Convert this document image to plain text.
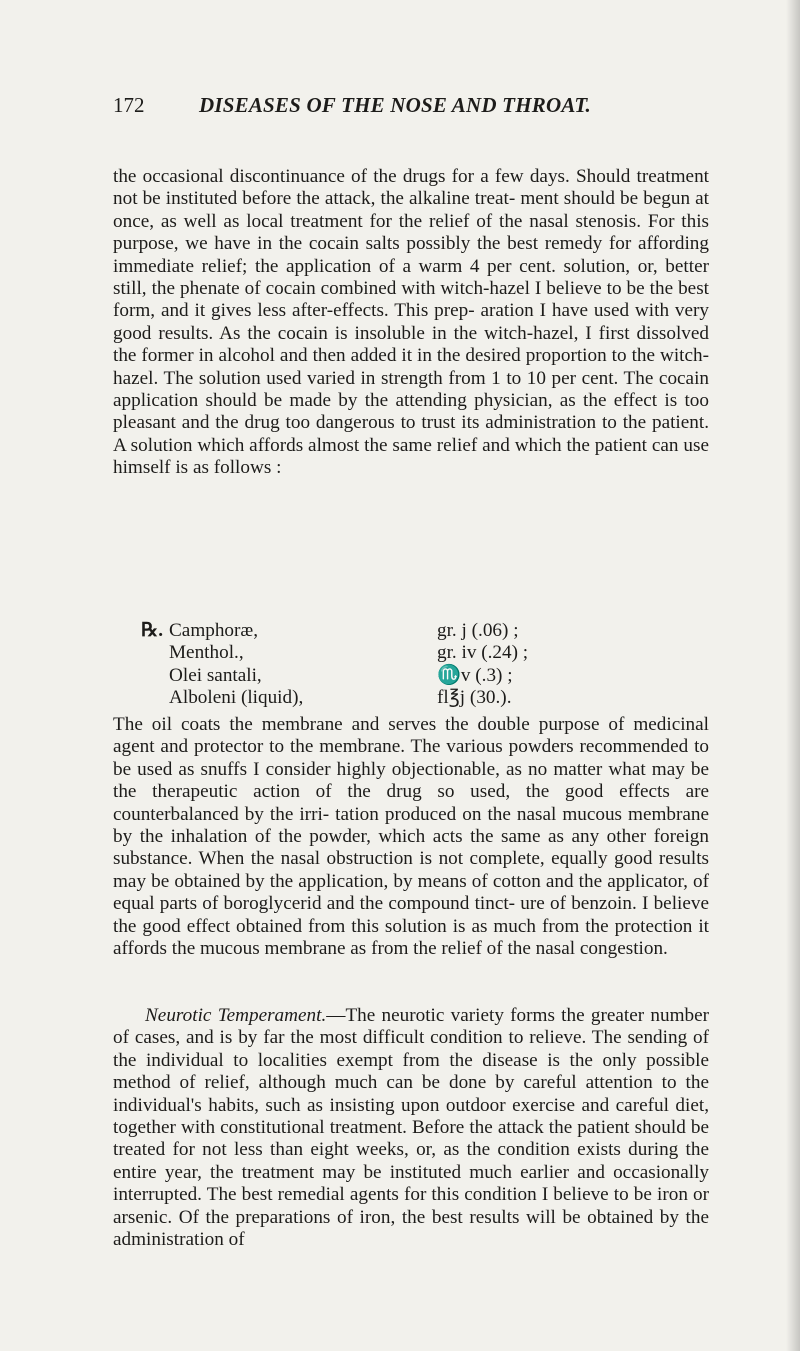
172	DISEASES OF THE NOSE AND THROAT.

the occasional discontinuance of the drugs for a few days. Should treatment not be instituted before the attack, the alkaline treat- ment should be begun at once, as well as local treatment for the relief of the nasal stenosis. For this purpose, we have in the cocain salts possibly the best remedy for affording immediate relief; the application of a warm 4 per cent. solution, or, better still, the phenate of cocain combined with witch-hazel I believe to be the best form, and it gives less after-effects. This prep- aration I have used with very good results. As the cocain is insoluble in the witch-hazel, I first dissolved the former in alcohol and then added it in the desired proportion to the witch-hazel. The solution used varied in strength from 1 to 10 per cent. The cocain application should be made by the attending physician, as the effect is too pleasant and the drug too dangerous to trust its administration to the patient. A solution which affords almost the same relief and which the patient can use himself is as follows :

℞. Camphoræ,	gr. j (.06) ;
Menthol.,	gr. iv (.24) ;
Olei santali,	♏v (.3) ;
Alboleni (liquid),	fl℥j (30.).

The oil coats the membrane and serves the double purpose of medicinal agent and protector to the membrane. The various powders recommended to be used as snuffs I consider highly objectionable, as no matter what may be the therapeutic action of the drug so used, the good effects are counterbalanced by the irri- tation produced on the nasal mucous membrane by the inhalation of the powder, which acts the same as any other foreign substance. When the nasal obstruction is not complete, equally good results may be obtained by the application, by means of cotton and the applicator, of equal parts of boroglycerid and the compound tinct- ure of benzoin. I believe the good effect obtained from this solution is as much from the protection it affords the mucous membrane as from the relief of the nasal congestion.

Neurotic Temperament.—The neurotic variety forms the greater number of cases, and is by far the most difficult condition to relieve. The sending of the individual to localities exempt from the disease is the only possible method of relief, although much can be done by careful attention to the individual's habits, such as insisting upon outdoor exercise and careful diet, together with constitutional treatment. Before the attack the patient should be treated for not less than eight weeks, or, as the condition exists during the entire year, the treatment may be instituted much earlier and occasionally interrupted. The best remedial agents for this condition I believe to be iron or arsenic. Of the preparations of iron, the best results will be obtained by the administration of
